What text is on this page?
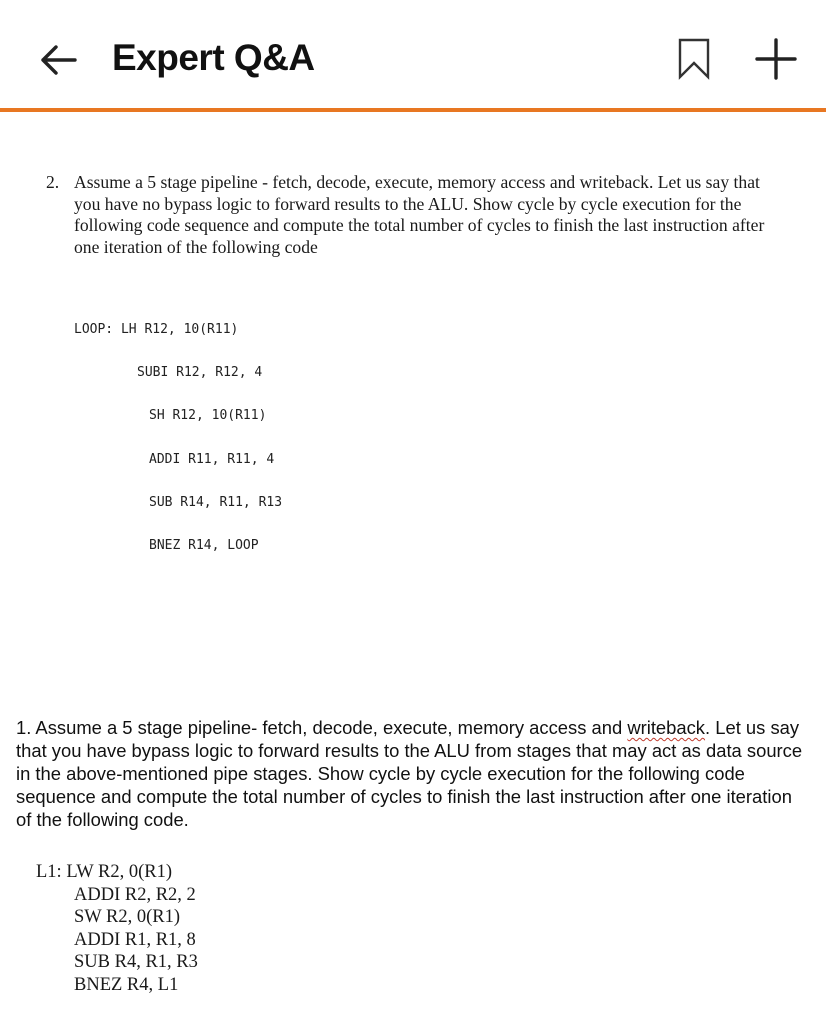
Expert Q&A
2. Assume a 5 stage pipeline - fetch, decode, execute, memory access and writeback. Let us say that you have no bypass logic to forward results to the ALU. Show cycle by cycle execution for the following code sequence and compute the total number of cycles to finish the last instruction after one iteration of the following code
LOOP: LH R12, 10(R11)
SUBI R12, R12, 4
SH R12, 10(R11)
ADDI R11, R11, 4
SUB R14, R11, R13
BNEZ R14, LOOP
1. Assume a 5 stage pipeline- fetch, decode, execute, memory access and writeback. Let us say that you have bypass logic to forward results to the ALU from stages that may act as data source in the above-mentioned pipe stages. Show cycle by cycle execution for the following code sequence and compute the total number of cycles to finish the last instruction after one iteration of the following code.
L1: LW R2, 0(R1)
ADDI R2, R2, 2
SW R2, 0(R1)
ADDI R1, R1, 8
SUB R4, R1, R3
BNEZ R4, L1
